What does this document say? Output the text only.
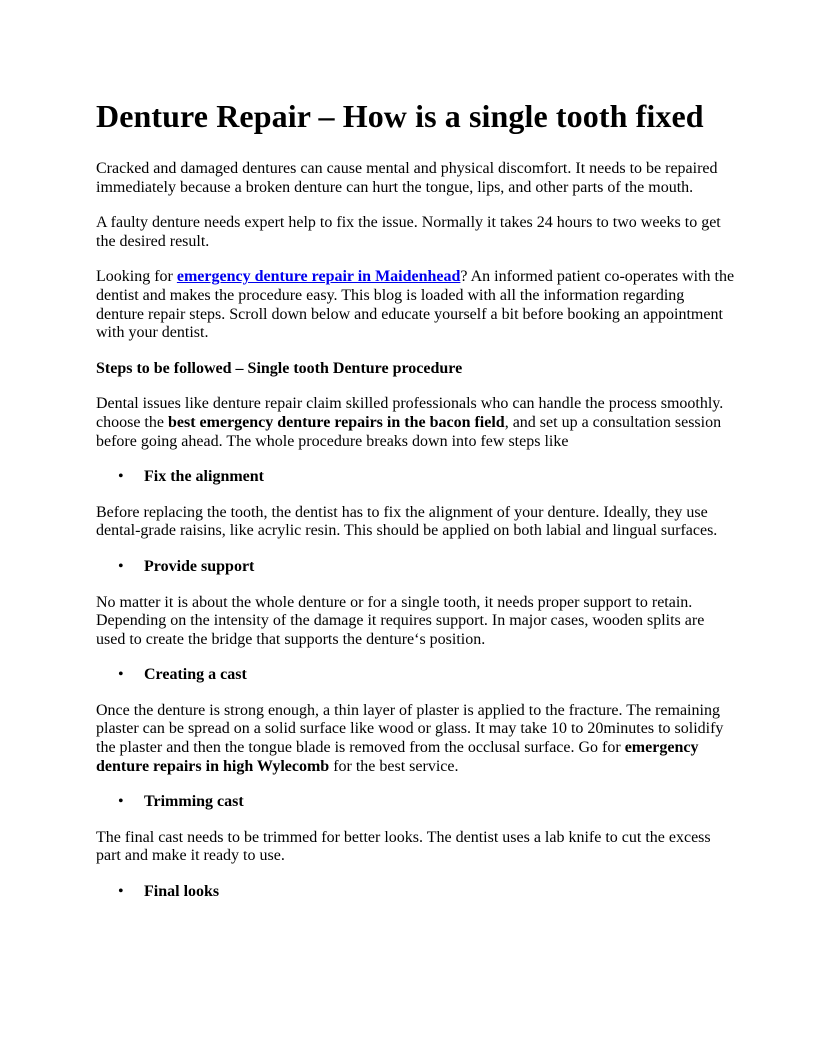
Denture Repair – How is a single tooth fixed

Cracked and damaged dentures can cause mental and physical discomfort. It needs to be repaired immediately because a broken denture can hurt the tongue, lips, and other parts of the mouth.

A faulty denture needs expert help to fix the issue. Normally it takes 24 hours to two weeks to get the desired result.

Looking for emergency denture repair in Maidenhead? An informed patient co-operates with the dentist and makes the procedure easy. This blog is loaded with all the information regarding denture repair steps. Scroll down below and educate yourself a bit before booking an appointment with your dentist.

Steps to be followed – Single tooth Denture procedure

Dental issues like denture repair claim skilled professionals who can handle the process smoothly. choose the best emergency denture repairs in the bacon field, and set up a consultation session before going ahead. The whole procedure breaks down into few steps like

• Fix the alignment

Before replacing the tooth, the dentist has to fix the alignment of your denture. Ideally, they use dental-grade raisins, like acrylic resin. This should be applied on both labial and lingual surfaces.

• Provide support

No matter it is about the whole denture or for a single tooth, it needs proper support to retain. Depending on the intensity of the damage it requires support. In major cases, wooden splits are used to create the bridge that supports the denture‘s position.

• Creating a cast

Once the denture is strong enough, a thin layer of plaster is applied to the fracture. The remaining plaster can be spread on a solid surface like wood or glass. It may take 10 to 20minutes to solidify the plaster and then the tongue blade is removed from the occlusal surface. Go for emergency denture repairs in high Wylecomb for the best service.

• Trimming cast

The final cast needs to be trimmed for better looks. The dentist uses a lab knife to cut the excess part and make it ready to use.

• Final looks
